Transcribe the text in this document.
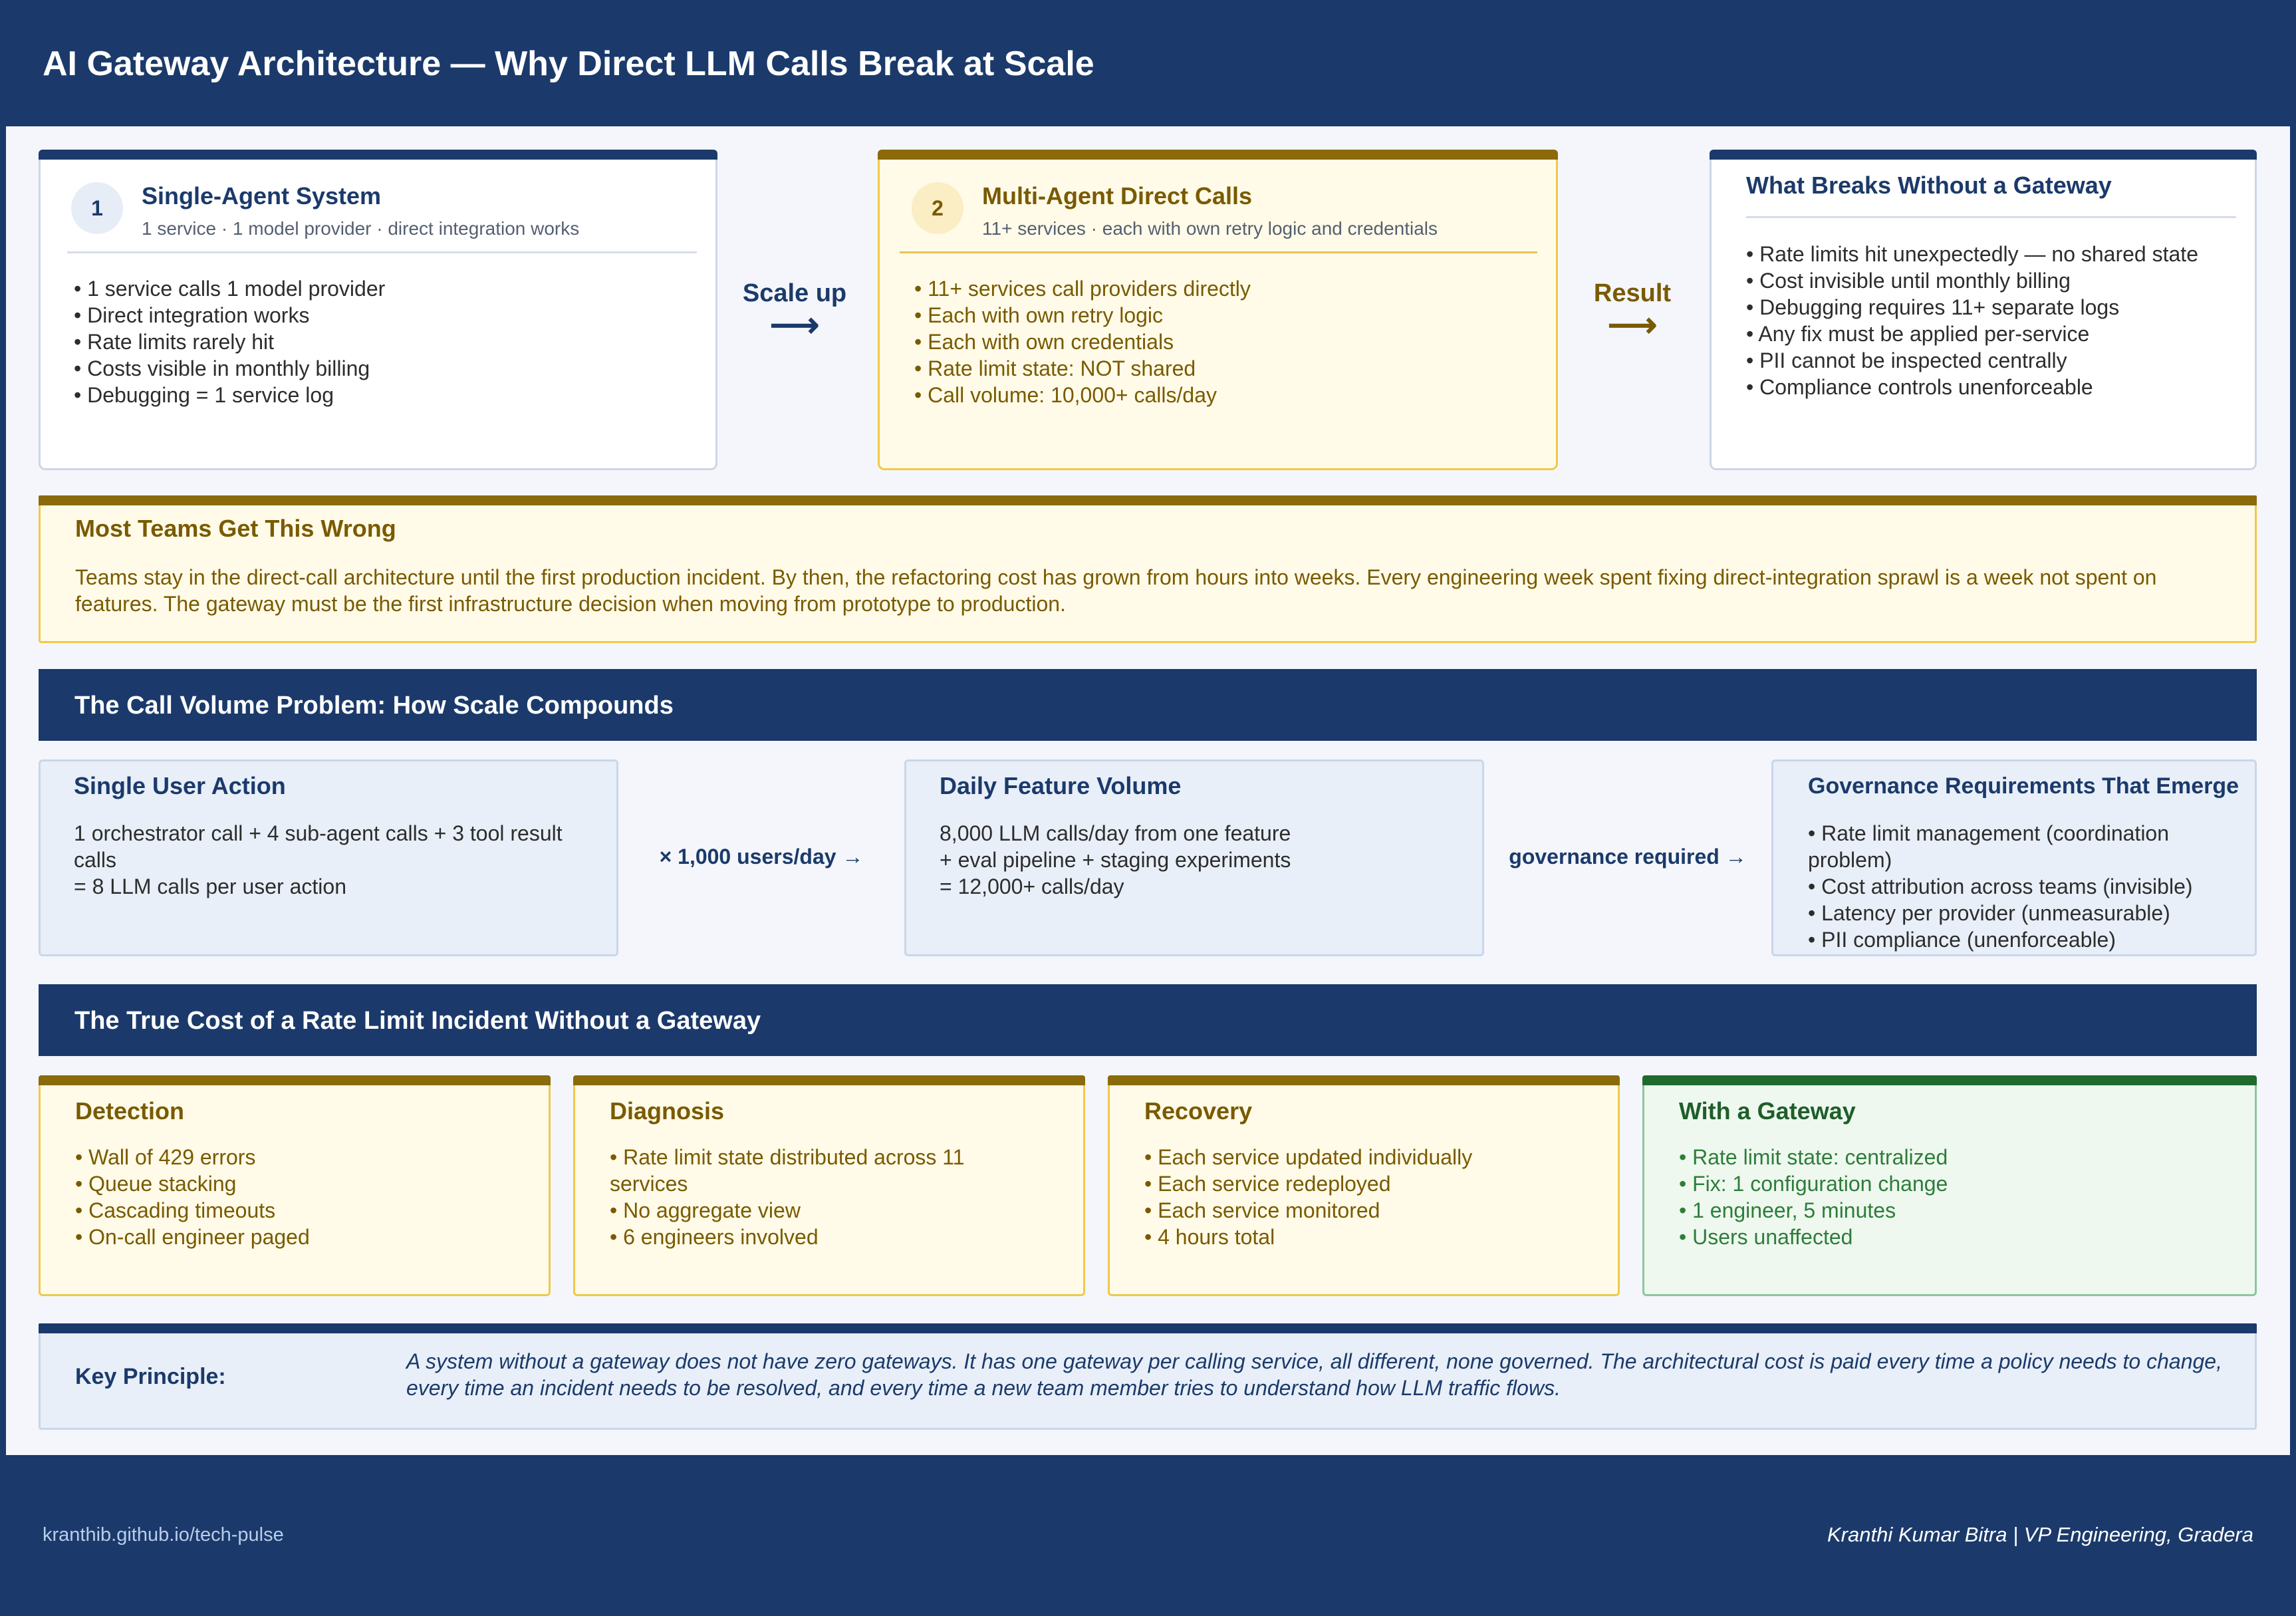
AI Gateway Architecture — Why Direct LLM Calls Break at Scale
1	Single-Agent System
1 service · 1 model provider · direct integration works
• 1 service calls 1 model provider
• Direct integration works
• Rate limits rarely hit
• Costs visible in monthly billing
• Debugging = 1 service log
Scale up
⟶
2	Multi-Agent Direct Calls
11+ services · each with own retry logic and credentials
• 11+ services call providers directly
• Each with own retry logic
• Each with own credentials
• Rate limit state: NOT shared
• Call volume: 10,000+ calls/day
Result
⟶
What Breaks Without a Gateway
• Rate limits hit unexpectedly — no shared state
• Cost invisible until monthly billing
• Debugging requires 11+ separate logs
• Any fix must be applied per-service
• PII cannot be inspected centrally
• Compliance controls unenforceable
Most Teams Get This Wrong
Teams stay in the direct-call architecture until the first production incident. By then, the refactoring cost has grown from hours into weeks. Every engineering week spent fixing direct-integration sprawl is a week not spent on features. The gateway must be the first infrastructure decision when moving from prototype to production.
The Call Volume Problem: How Scale Compounds
Single User Action
1 orchestrator call + 4 sub-agent calls + 3 tool result
calls
= 8 LLM calls per user action
× 1,000 users/day →
Daily Feature Volume
8,000 LLM calls/day from one feature
+ eval pipeline + staging experiments
= 12,000+ calls/day
governance required →
Governance Requirements That Emerge
• Rate limit management (coordination
problem)
• Cost attribution across teams (invisible)
• Latency per provider (unmeasurable)
• PII compliance (unenforceable)
The True Cost of a Rate Limit Incident Without a Gateway
Detection
• Wall of 429 errors
• Queue stacking
• Cascading timeouts
• On-call engineer paged
Diagnosis
• Rate limit state distributed across 11 services
• No aggregate view
• 6 engineers involved
Recovery
• Each service updated individually
• Each service redeployed
• Each service monitored
• 4 hours total
With a Gateway
• Rate limit state: centralized
• Fix: 1 configuration change
• 1 engineer, 5 minutes
• Users unaffected
Key Principle:
A system without a gateway does not have zero gateways. It has one gateway per calling service, all different, none governed. The architectural cost is paid every time a policy needs to change, every time an incident needs to be resolved, and every time a new team member tries to understand how LLM traffic flows.
kranthib.github.io/tech-pulse	Kranthi Kumar Bitra | VP Engineering, Gradera
